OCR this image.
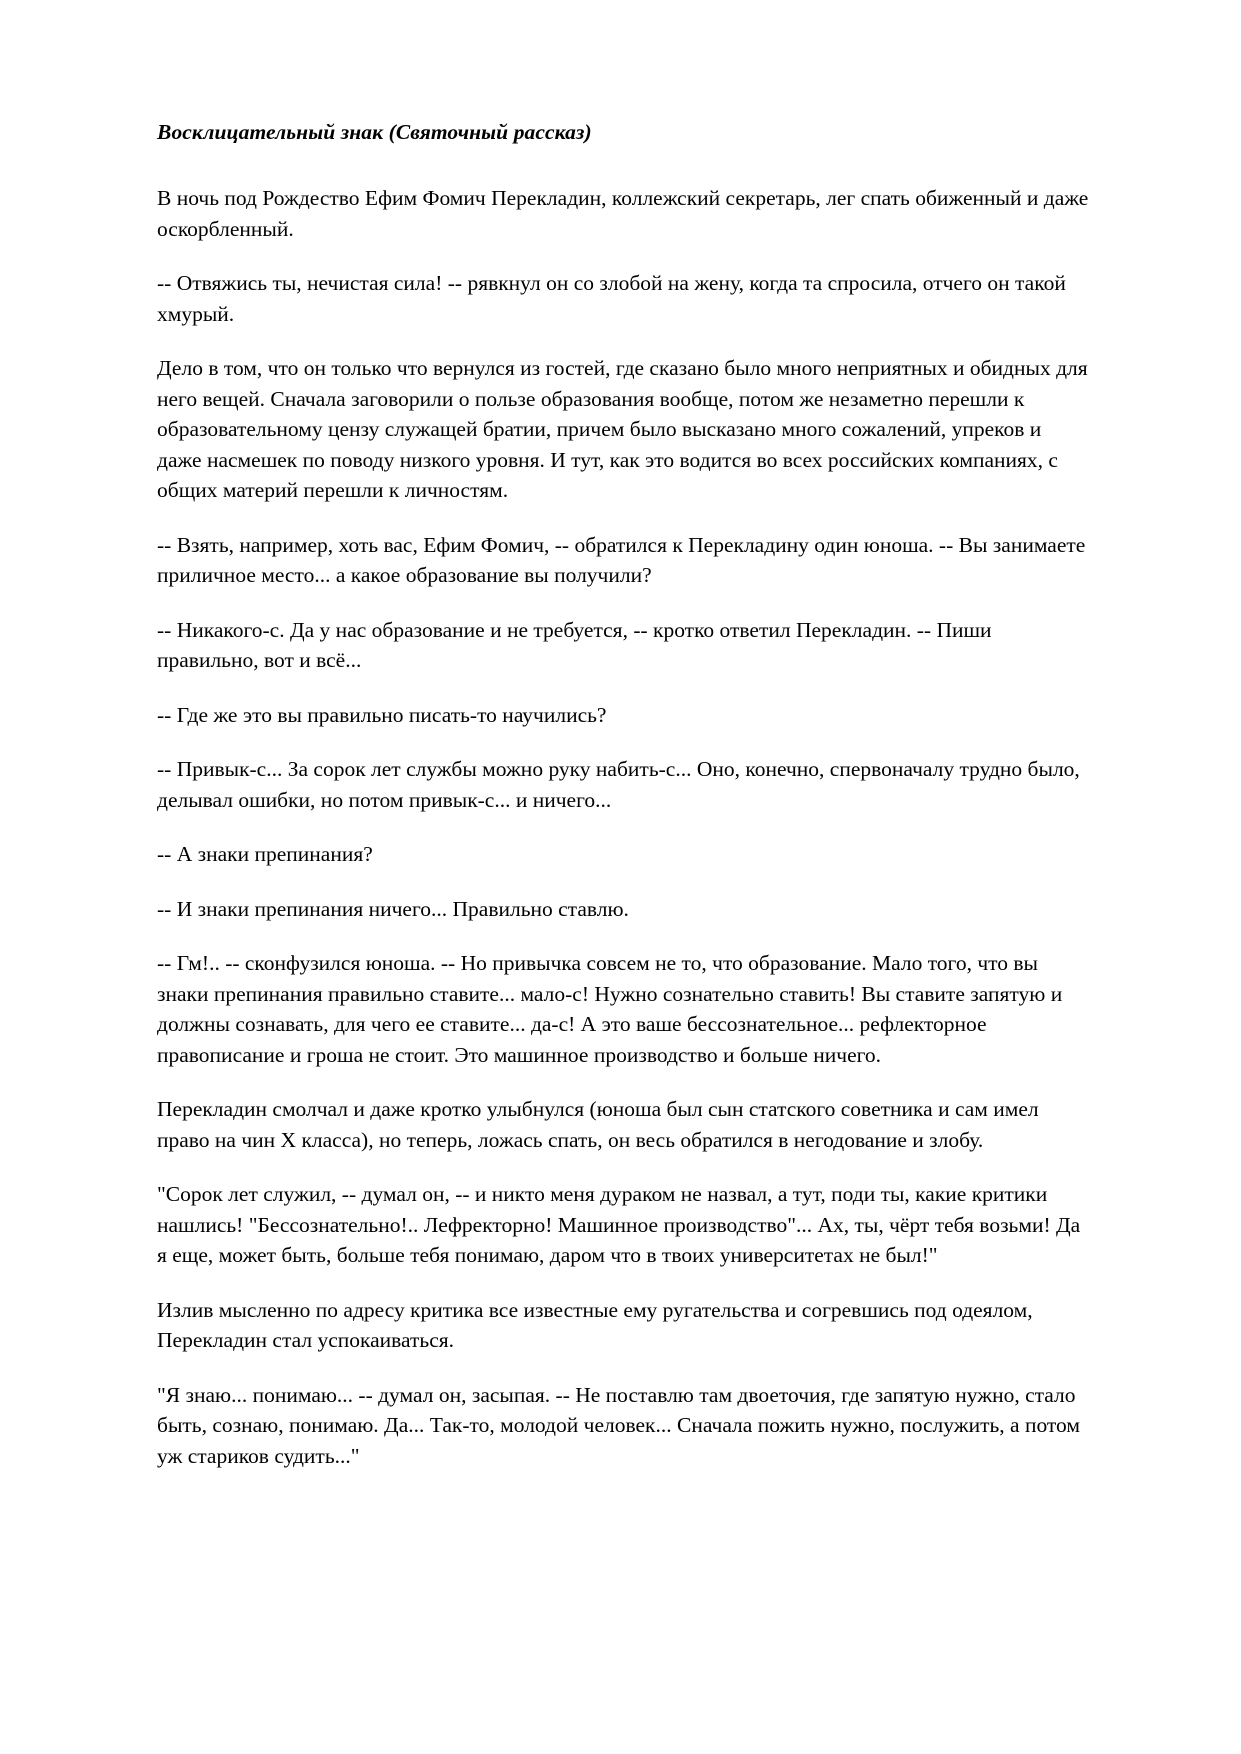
Восклицательный знак (Святочный рассказ)

В ночь под Рождество Ефим Фомич Перекладин, коллежский секретарь, лег спать обиженный и даже оскорбленный.

-- Отвяжись ты, нечистая сила! -- рявкнул он со злобой на жену, когда та спросила, отчего он такой хмурый.

Дело в том, что он только что вернулся из гостей, где сказано было много неприятных и обидных для него вещей. Сначала заговорили о пользе образования вообще, потом же незаметно перешли к образовательному цензу служащей братии, причем было высказано много сожалений, упреков и даже насмешек по поводу низкого уровня. И тут, как это водится во всех российских компаниях, с общих материй перешли к личностям.

-- Взять, например, хоть вас, Ефим Фомич, -- обратился к Перекладину один юноша. -- Вы занимаете приличное место... а какое образование вы получили?

-- Никакого-с. Да у нас образование и не требуется, -- кротко ответил Перекладин. -- Пиши правильно, вот и всё...

-- Где же это вы правильно писать-то научились?

-- Привык-с... За сорок лет службы можно руку набить-с... Оно, конечно, спервоначалу трудно было, делывал ошибки, но потом привык-с... и ничего...

-- А знаки препинания?

-- И знаки препинания ничего... Правильно ставлю.

-- Гм!.. -- сконфузился юноша. -- Но привычка совсем не то, что образование. Мало того, что вы знаки препинания правильно ставите... мало-с! Нужно сознательно ставить! Вы ставите запятую и должны сознавать, для чего ее ставите... да-с! А это ваше бессознательное... рефлекторное правописание и гроша не стоит. Это машинное производство и больше ничего.

Перекладин смолчал и даже кротко улыбнулся (юноша был сын статского советника и сам имел право на чин X класса), но теперь, ложась спать, он весь обратился в негодование и злобу.

"Сорок лет служил, -- думал он, -- и никто меня дураком не назвал, а тут, поди ты, какие критики нашлись! "Бессознательно!.. Лефректорно! Машинное производство"... Ах, ты, чёрт тебя возьми! Да я еще, может быть, больше тебя понимаю, даром что в твоих университетах не был!"

Излив мысленно по адресу критика все известные ему ругательства и согревшись под одеялом, Перекладин стал успокаиваться.

"Я знаю... понимаю... -- думал он, засыпая. -- Не поставлю там двоеточия, где запятую нужно, стало быть, сознаю, понимаю. Да... Так-то, молодой человек... Сначала пожить нужно, послужить, а потом уж стариков судить..."
